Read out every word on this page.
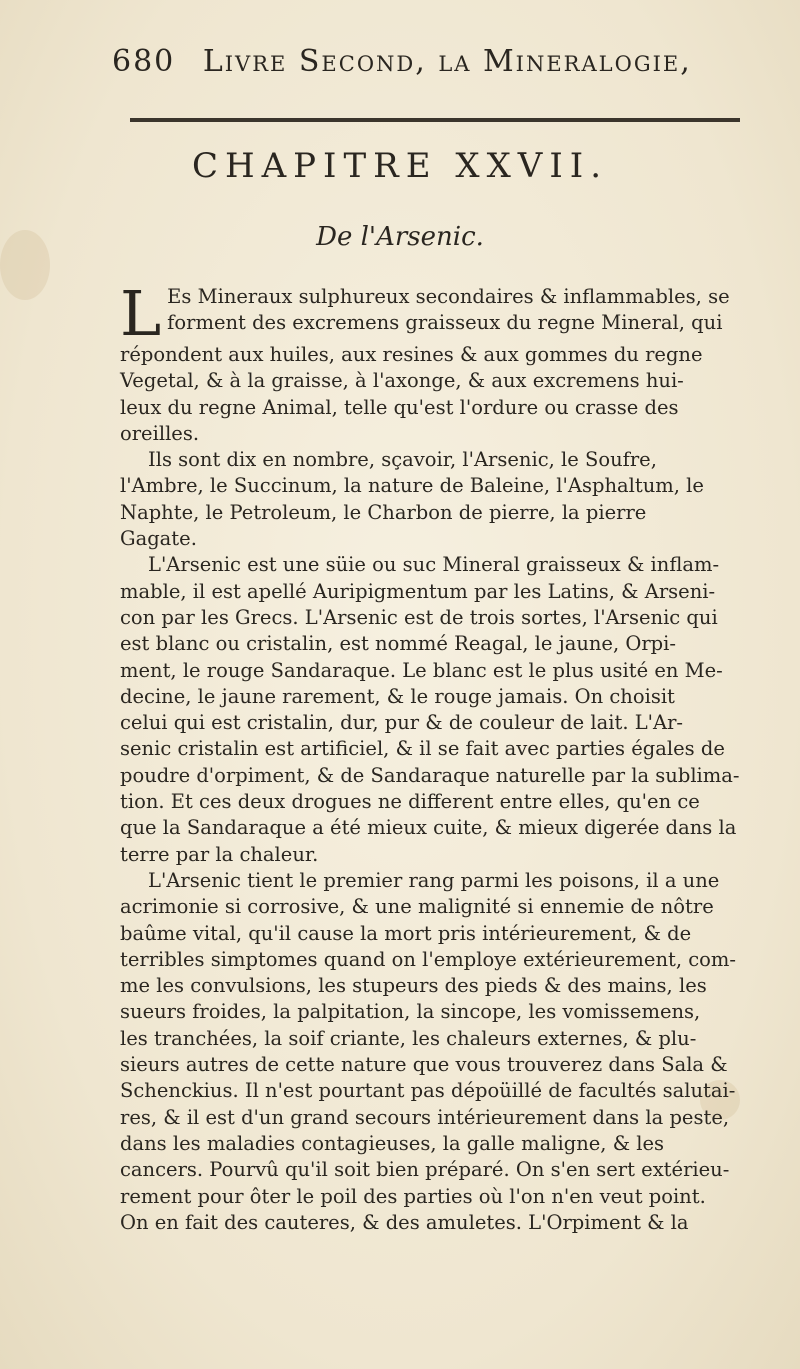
680 Livre Second, la Mineralogie,
CHAPITRE XXVII.
De l'Arsenic.
L Es Mineraux sulphureux secondaires & inflammables, se
forment des excremens graisseux du regne Mineral, qui
répondent aux huiles, aux resines & aux gommes du regne
Vegetal, & à la graisse, à l'axonge, & aux excremens hui-
leux du regne Animal, telle qu'est l'ordure ou crasse des
oreilles.
Ils sont dix en nombre, sçavoir, l'Arsenic, le Soufre,
l'Ambre, le Succinum, la nature de Baleine, l'Asphaltum, le
Naphte, le Petroleum, le Charbon de pierre, la pierre
Gagate.
L'Arsenic est une süie ou suc Mineral graisseux & inflam-
mable, il est apellé Auripigmentum par les Latins, & Arseni-
con par les Grecs. L'Arsenic est de trois sortes, l'Arsenic qui
est blanc ou cristalin, est nommé Reagal, le jaune, Orpi-
ment, le rouge Sandaraque. Le blanc est le plus usité en Me-
decine, le jaune rarement, & le rouge jamais. On choisit
celui qui est cristalin, dur, pur & de couleur de lait. L'Ar-
senic cristalin est artificiel, & il se fait avec parties égales de
poudre d'orpiment, & de Sandaraque naturelle par la sublima-
tion. Et ces deux drogues ne different entre elles, qu'en ce
que la Sandaraque a été mieux cuite, & mieux digerée dans la
terre par la chaleur.
L'Arsenic tient le premier rang parmi les poisons, il a une
acrimonie si corrosive, & une malignité si ennemie de nôtre
baûme vital, qu'il cause la mort pris intérieurement, & de
terribles simptomes quand on l'employe extérieurement, com-
me les convulsions, les stupeurs des pieds & des mains, les
sueurs froides, la palpitation, la sincope, les vomissemens,
les tranchées, la soif criante, les chaleurs externes, & plu-
sieurs autres de cette nature que vous trouverez dans Sala &
Schenckius. Il n'est pourtant pas dépoüillé de facultés salutai-
res, & il est d'un grand secours intérieurement dans la peste,
dans les maladies contagieuses, la galle maligne, & les
cancers. Pourvû qu'il soit bien préparé. On s'en sert extérieu-
rement pour ôter le poil des parties où l'on n'en veut point.
On en fait des cauteres, & des amuletes. L'Orpiment & la
